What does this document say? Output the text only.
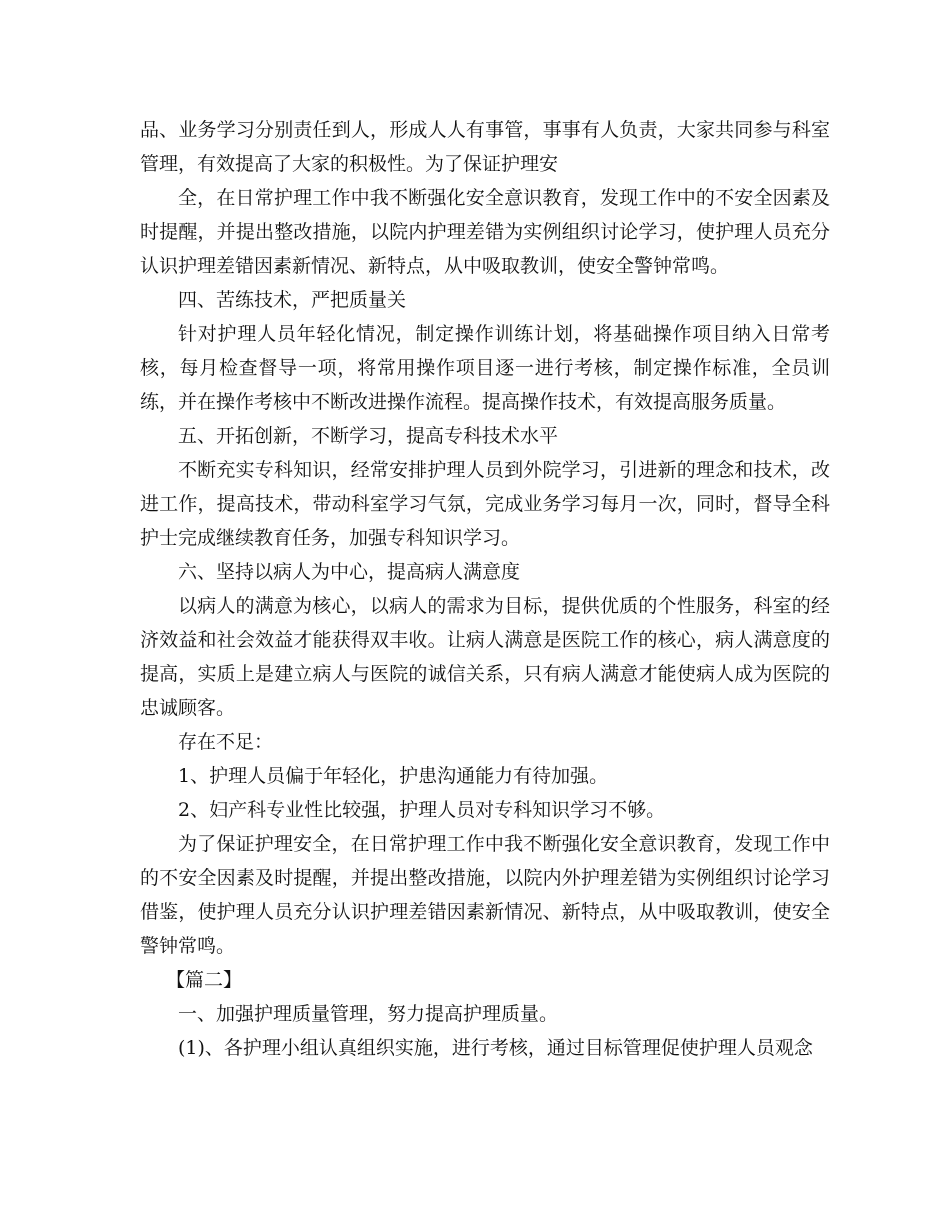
品、业务学习分别责任到人，形成人人有事管，事事有人负责，大家共同参与科室管理，有效提高了大家的积极性。为了保证护理安

全，在日常护理工作中我不断强化安全意识教育，发现工作中的不安全因素及时提醒，并提出整改措施，以院内护理差错为实例组织讨论学习，使护理人员充分认识护理差错因素新情况、新特点，从中吸取教训，使安全警钟常鸣。

四、苦练技术，严把质量关

针对护理人员年轻化情况，制定操作训练计划，将基础操作项目纳入日常考核，每月检查督导一项，将常用操作项目逐一进行考核，制定操作标准，全员训练，并在操作考核中不断改进操作流程。提高操作技术，有效提高服务质量。

五、开拓创新，不断学习，提高专科技术水平

不断充实专科知识，经常安排护理人员到外院学习，引进新的理念和技术，改进工作，提高技术，带动科室学习气氛，完成业务学习每月一次，同时，督导全科护士完成继续教育任务，加强专科知识学习。

六、坚持以病人为中心，提高病人满意度

以病人的满意为核心，以病人的需求为目标，提供优质的个性服务，科室的经济效益和社会效益才能获得双丰收。让病人满意是医院工作的核心，病人满意度的提高，实质上是建立病人与医院的诚信关系，只有病人满意才能使病人成为医院的忠诚顾客。

存在不足：

1、护理人员偏于年轻化，护患沟通能力有待加强。

2、妇产科专业性比较强，护理人员对专科知识学习不够。

为了保证护理安全，在日常护理工作中我不断强化安全意识教育，发现工作中的不安全因素及时提醒，并提出整改措施，以院内外护理差错为实例组织讨论学习借鉴，使护理人员充分认识护理差错因素新情况、新特点，从中吸取教训，使安全警钟常鸣。

【篇二】

一、加强护理质量管理，努力提高护理质量。

(1)、各护理小组认真组织实施，进行考核，通过目标管理促使护理人员观念
